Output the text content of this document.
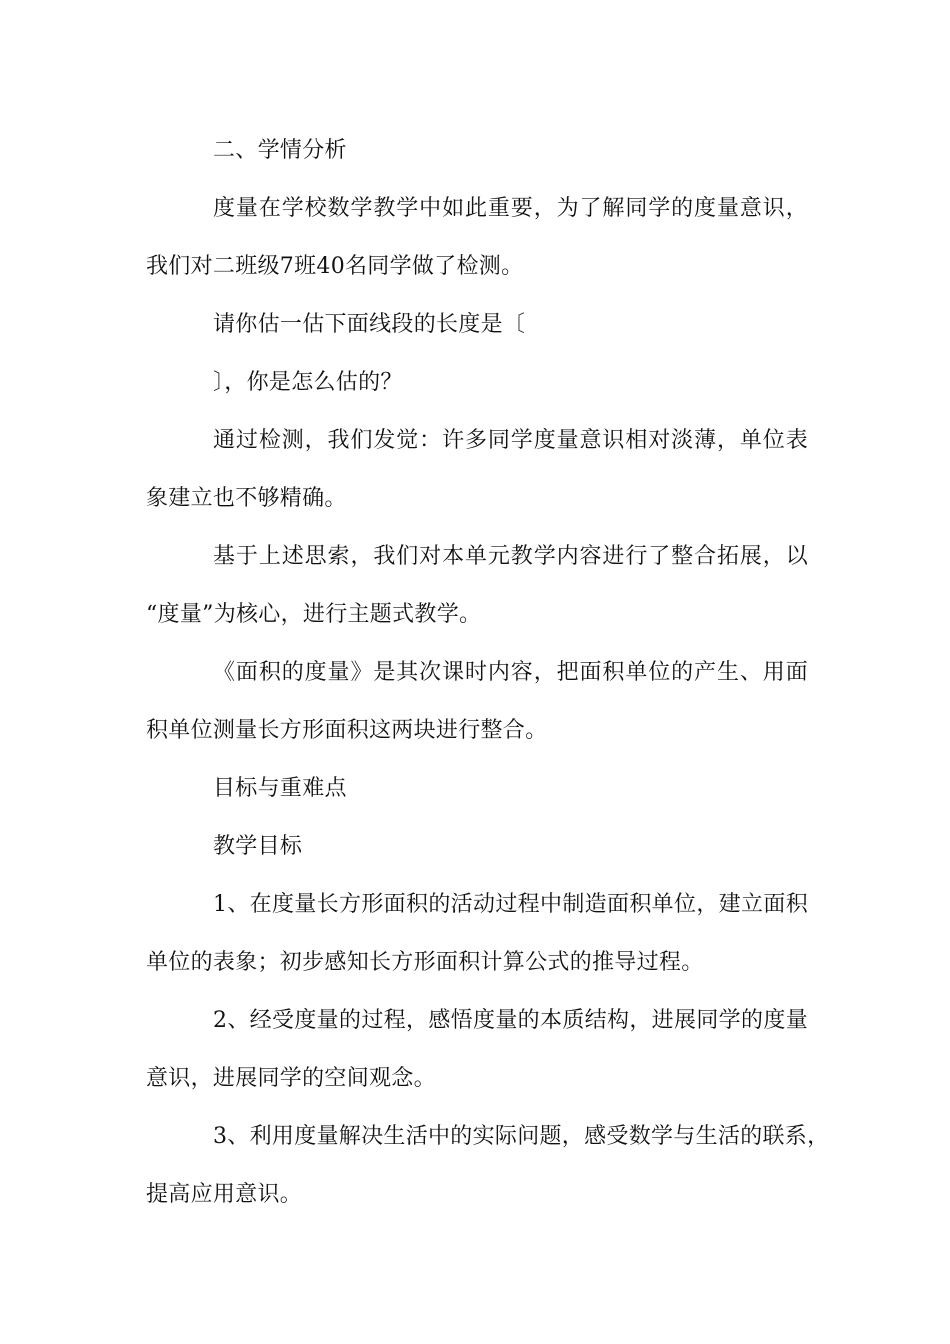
二、学情分析
度量在学校数学教学中如此重要，为了解同学的度量意识，
我们对二班级7班40名同学做了检测。
请你估一估下面线段的长度是〔
〕，你是怎么估的？
通过检测，我们发觉：许多同学度量意识相对淡薄，单位表
象建立也不够精确。
基于上述思索，我们对本单元教学内容进行了整合拓展，以
“度量”为核心，进行主题式教学。
《面积的度量》是其次课时内容，把面积单位的产生、用面
积单位测量长方形面积这两块进行整合。
目标与重难点
教学目标
1、在度量长方形面积的活动过程中制造面积单位，建立面积
单位的表象；初步感知长方形面积计算公式的推导过程。
2、经受度量的过程，感悟度量的本质结构，进展同学的度量
意识，进展同学的空间观念。
3、利用度量解决生活中的实际问题，感受数学与生活的联系，
提高应用意识。
